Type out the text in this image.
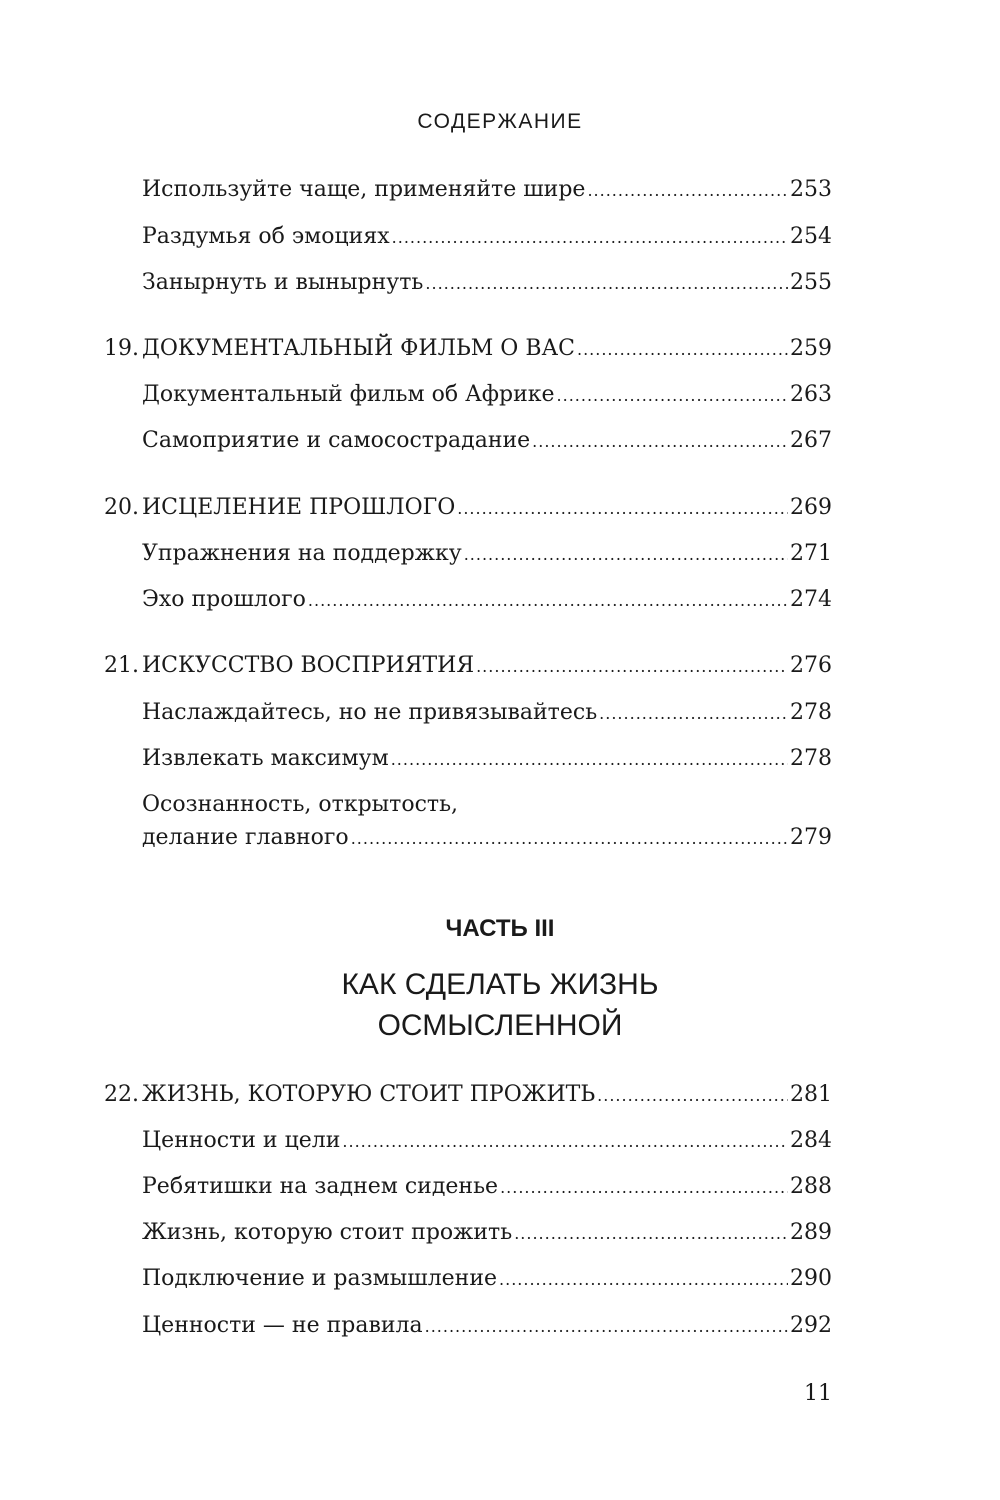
СОДЕРЖАНИЕ
Используйте чаще, применяйте шире .....	253
Раздумья об эмоциях .....	254
Занырнуть и вынырнуть .....	255
19. ДОКУМЕНТАЛЬНЫЙ ФИЛЬМ О ВАС .....	259
Документальный фильм об Африке .....	263
Самоприятие и самосострадание .....	267
20. ИСЦЕЛЕНИЕ ПРОШЛОГО .....	269
Упражнения на поддержку .....	271
Эхо прошлого .....	274
21. ИСКУССТВО ВОСПРИЯТИЯ .....	276
Наслаждайтесь, но не привязывайтесь .....	278
Извлекать максимум .....	278
Осознанность, открытость,
делание главного .....	279
ЧАСТЬ III
КАК СДЕЛАТЬ ЖИЗНЬ
ОСМЫСЛЕННОЙ
22. ЖИЗНЬ, КОТОРУЮ СТОИТ ПРОЖИТЬ .....	281
Ценности и цели .....	284
Ребятишки на заднем сиденье .....	288
Жизнь, которую стоит прожить .....	289
Подключение и размышление .....	290
Ценности — не правила .....	292
11
